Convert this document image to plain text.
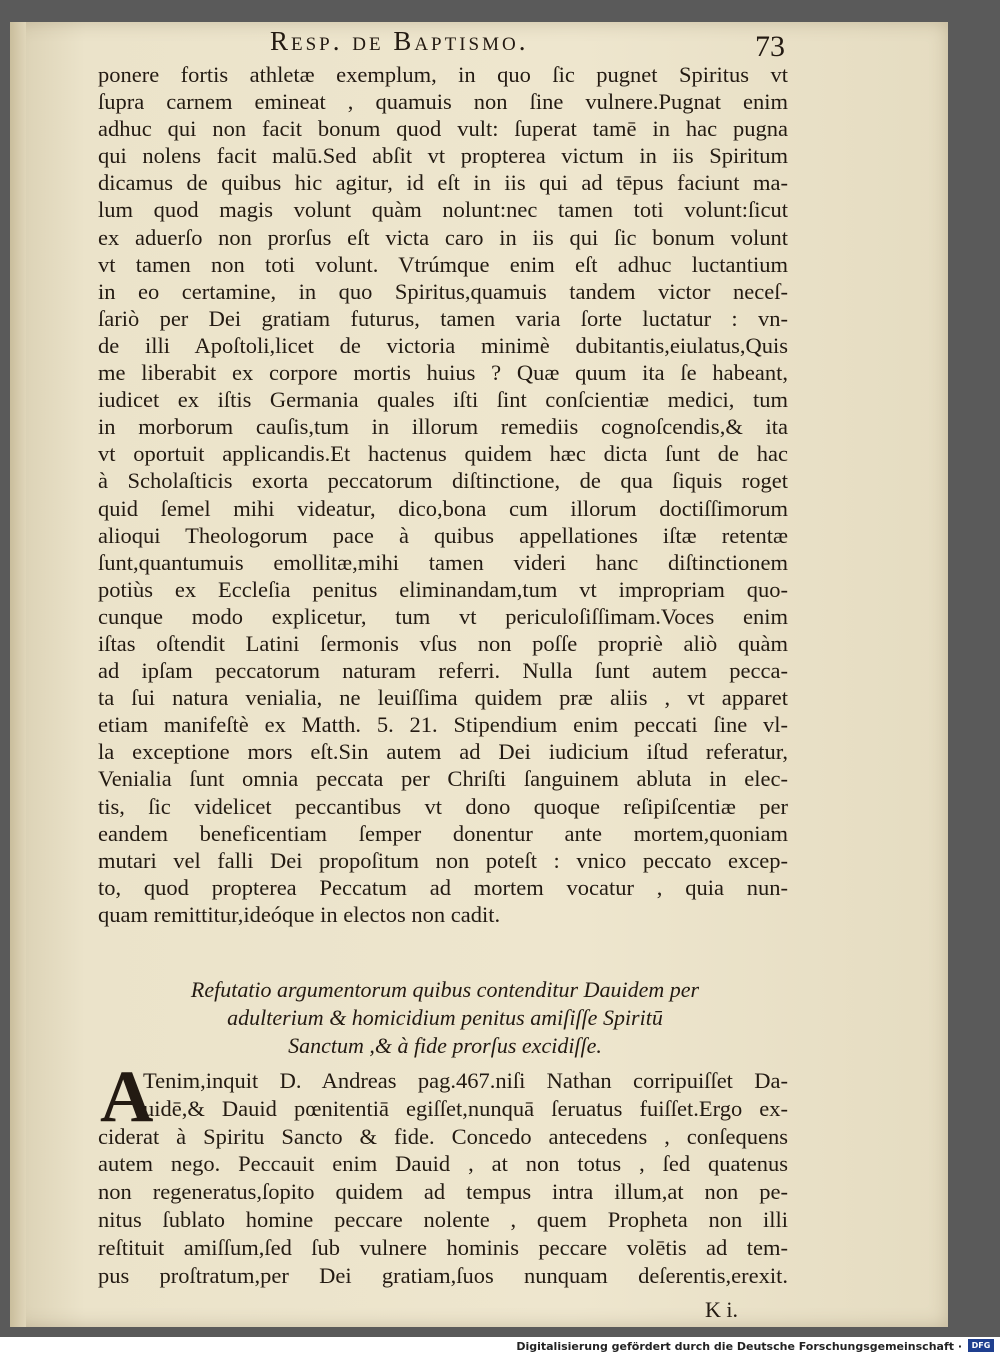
Resp. de Baptismo.	73
ponere fortis athletæ exemplum, in quo ſic pugnet Spiritus vt
ſupra carnem emineat , quamuis non ſine vulnere.Pugnat enim
adhuc qui non facit bonum quod vult: ſuperat tamē in hac pugna
qui nolens facit malū.Sed abſit vt propterea victum in iis Spiritum
dicamus de quibus hic agitur, id eſt in iis qui ad tēpus faciunt ma-
lum quod magis volunt quàm nolunt:nec tamen toti volunt:ſicut
ex aduerſo non prorſus eſt victa caro in iis qui ſic bonum volunt
vt tamen non toti volunt. Vtrúmque enim eſt adhuc luctantium
in eo certamine, in quo Spiritus,quamuis tandem victor neceſ-
ſariò per Dei gratiam futurus, tamen varia ſorte luctatur : vn-
de illi Apoſtoli,licet de victoria minimè dubitantis,eiulatus,Quis
me liberabit ex corpore mortis huius ? Quæ quum ita ſe habeant,
iudicet ex iſtis Germania quales iſti ſint conſcientiæ medici, tum
in morborum cauſis,tum in illorum remediis cognoſcendis,& ita
vt oportuit applicandis.Et hactenus quidem hæc dicta ſunt de hac
à Scholaſticis exorta peccatorum diſtinctione, de qua ſiquis roget
quid ſemel mihi videatur, dico,bona cum illorum doctiſſimorum
alioqui Theologorum pace à quibus appellationes iſtæ retentæ
ſunt,quantumuis emollitæ,mihi tamen videri hanc diſtinctionem
potiùs ex Eccleſia penitus eliminandam,tum vt impropriam quo-
cunque modo explicetur, tum vt periculoſiſſimam.Voces enim
iſtas oſtendit Latini ſermonis vſus non poſſe propriè aliò quàm
ad ipſam peccatorum naturam referri. Nulla ſunt autem pecca-
ta ſui natura venialia, ne leuiſſima quidem præ aliis , vt apparet
etiam manifeſtè ex Matth. 5. 21. Stipendium enim peccati ſine vl-
la exceptione mors eſt.Sin autem ad Dei iudicium iſtud referatur,
Venialia ſunt omnia peccata per Chriſti ſanguinem abluta in elec-
tis, ſic videlicet peccantibus vt dono quoque reſipiſcentiæ per
eandem beneficentiam ſemper donentur ante mortem,quoniam
mutari vel falli Dei propoſitum non poteſt : vnico peccato excep-
to, quod propterea Peccatum ad mortem vocatur , quia nun-
quam remittitur,ideóque in electos non cadit.
Refutatio argumentorum quibus contenditur Dauidem per
adulterium & homicidium penitus amiſiſſe Spiritū
Sanctum ,& à fide prorſus excidiſſe.
A
Tenim,inquit D. Andreas pag.467.niſi Nathan corripuiſſet Da-
uidē,& Dauid pœnitentiā egiſſet,nunquā ſeruatus fuiſſet.Ergo ex-
ciderat à Spiritu Sancto & fide. Concedo antecedens , conſequens
autem nego. Peccauit enim Dauid , at non totus , ſed quatenus
non regeneratus,ſopito quidem ad tempus intra illum,at non pe-
nitus ſublato homine peccare nolente , quem Propheta non illi
reſtituit amiſſum,ſed ſub vulnere hominis peccare volētis ad tem-
pus proſtratum,per Dei gratiam,ſuos nunquam deſerentis,erexit.
K i.
Digitalisierung gefördert durch die Deutsche Forschungsgemeinschaft ·	DFG
